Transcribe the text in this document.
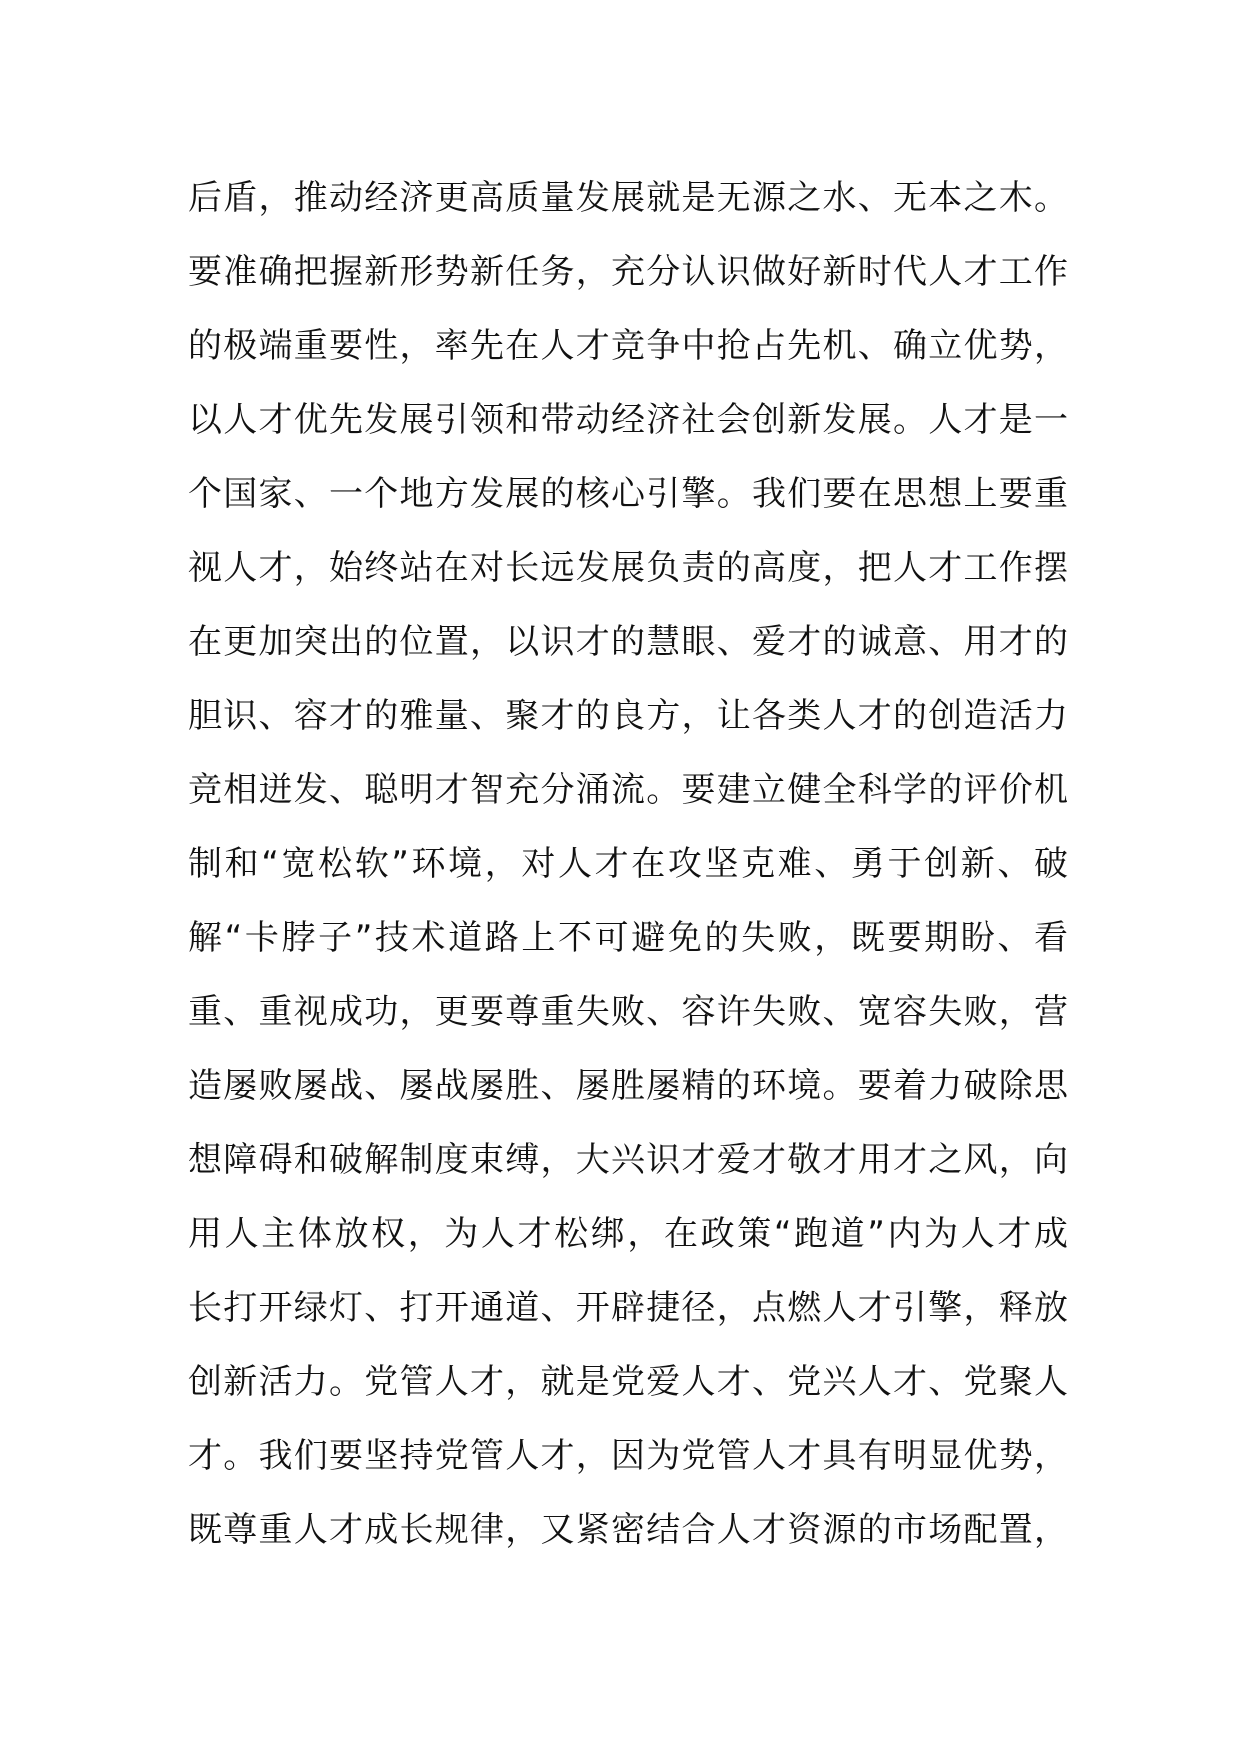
后盾，推动经济更高质量发展就是无源之水、无本之木。
要准确把握新形势新任务，充分认识做好新时代人才工作
的极端重要性，率先在人才竞争中抢占先机、确立优势，
以人才优先发展引领和带动经济社会创新发展。人才是一
个国家、一个地方发展的核心引擎。我们要在思想上要重
视人才，始终站在对长远发展负责的高度，把人才工作摆
在更加突出的位置，以识才的慧眼、爱才的诚意、用才的
胆识、容才的雅量、聚才的良方，让各类人才的创造活力
竞相迸发、聪明才智充分涌流。要建立健全科学的评价机
制和“宽松软”环境，对人才在攻坚克难、勇于创新、破
解“卡脖子”技术道路上不可避免的失败，既要期盼、看
重、重视成功，更要尊重失败、容许失败、宽容失败，营
造屡败屡战、屡战屡胜、屡胜屡精的环境。要着力破除思
想障碍和破解制度束缚，大兴识才爱才敬才用才之风，向
用人主体放权，为人才松绑，在政策“跑道”内为人才成
长打开绿灯、打开通道、开辟捷径，点燃人才引擎，释放
创新活力。党管人才，就是党爱人才、党兴人才、党聚人
才。我们要坚持党管人才，因为党管人才具有明显优势，
既尊重人才成长规律，又紧密结合人才资源的市场配置，
